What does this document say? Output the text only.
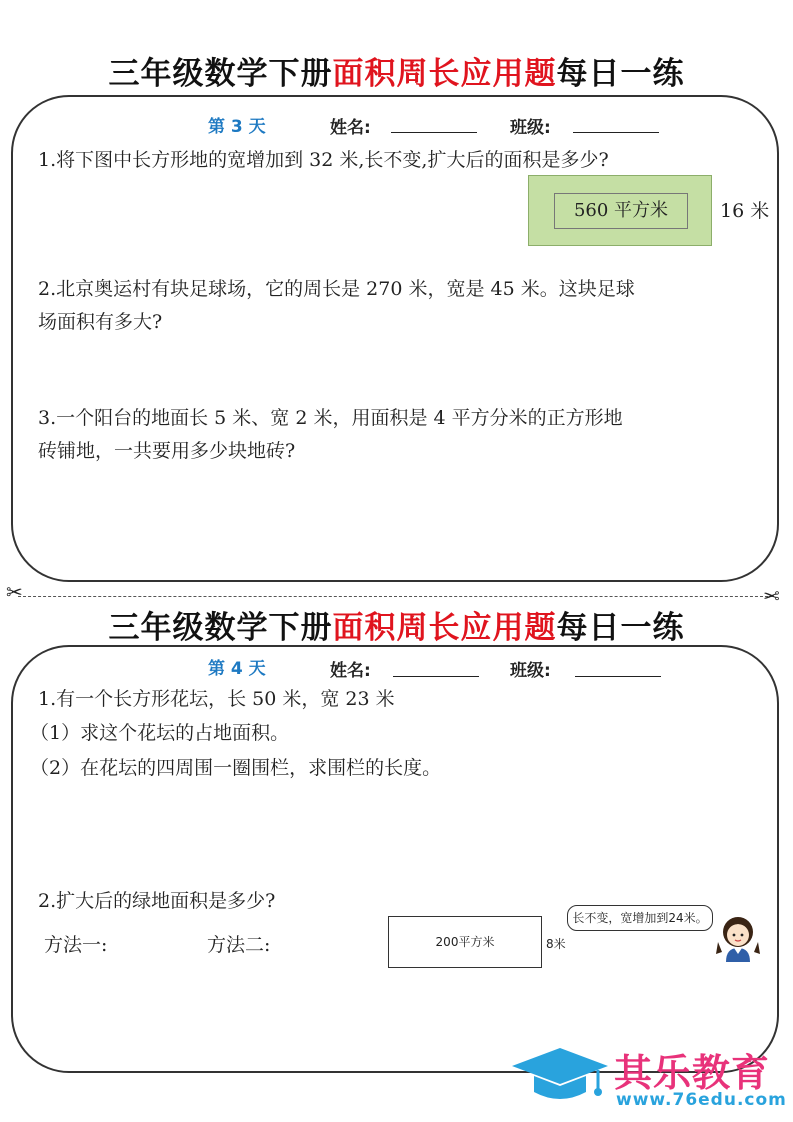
三年级数学下册面积周长应用题每日一练
第 3 天	姓名:	班级:
1.将下图中长方形地的宽增加到 32 米,长不变,扩大后的面积是多少?
560 平方米	16 米
2.北京奥运村有块足球场，它的周长是 270 米，宽是 45 米。这块足球
场面积有多大?
3.一个阳台的地面长 5 米、宽 2 米，用面积是 4 平方分米的正方形地
砖铺地，一共要用多少块地砖?
✂	✂
三年级数学下册面积周长应用题每日一练
第 4 天	姓名:	班级:
1.有一个长方形花坛，长 50 米，宽 23 米
（1）求这个花坛的占地面积。
（2）在花坛的四周围一圈围栏，求围栏的长度。
2.扩大后的绿地面积是多少?
方法一:	方法二:	200平方米	8米
长不变，宽增加到24米。
其乐教育
www.76edu.com
